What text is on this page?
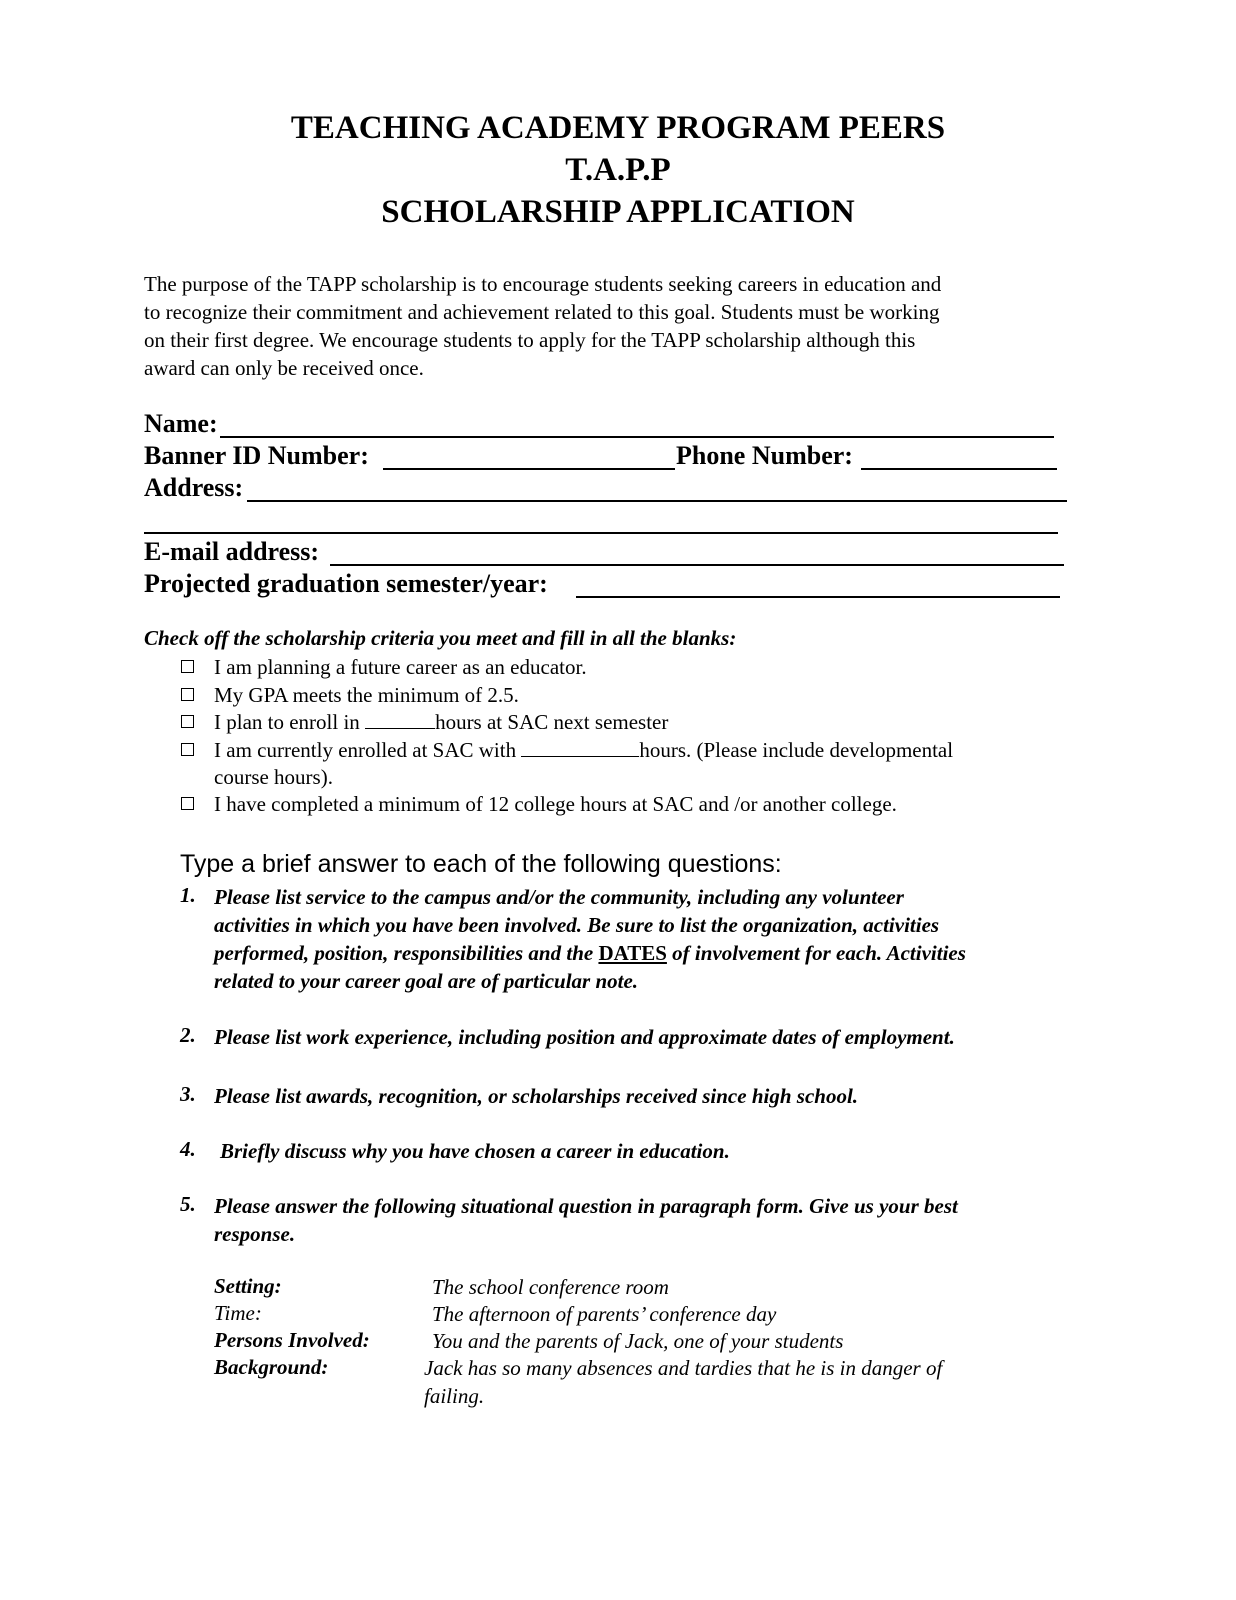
TEACHING ACADEMY PROGRAM PEERS
T.A.P.P
SCHOLARSHIP APPLICATION
The purpose of the TAPP scholarship is to encourage students seeking careers in education and
to recognize their commitment and achievement related to this goal. Students must be working
on their first degree. We encourage students to apply for the TAPP scholarship although this
award can only be received once.
Name:
Banner ID Number:	Phone Number:
Address:
E-mail address:
Projected graduation semester/year:
Check off the scholarship criteria you meet and fill in all the blanks:
I am planning a future career as an educator.
My GPA meets the minimum of 2.5.
I plan to enroll in	hours at SAC next semester
I am currently enrolled at SAC with	hours. (Please include developmental
course hours).
I have completed a minimum of 12 college hours at SAC and /or another college.
Type a brief answer to each of the following questions:
1. Please list service to the campus and/or the community, including any volunteer
activities in which you have been involved. Be sure to list the organization, activities
performed, position, responsibilities and the DATES of involvement for each. Activities
related to your career goal are of particular note.
2. Please list work experience, including position and approximate dates of employment.
3. Please list awards, recognition, or scholarships received since high school.
4. Briefly discuss why you have chosen a career in education.
5. Please answer the following situational question in paragraph form. Give us your best
response.
Setting:	The school conference room
Time:	The afternoon of parents’ conference day
Persons Involved:	You and the parents of Jack, one of your students
Background:	Jack has so many absences and tardies that he is in danger of
failing.
